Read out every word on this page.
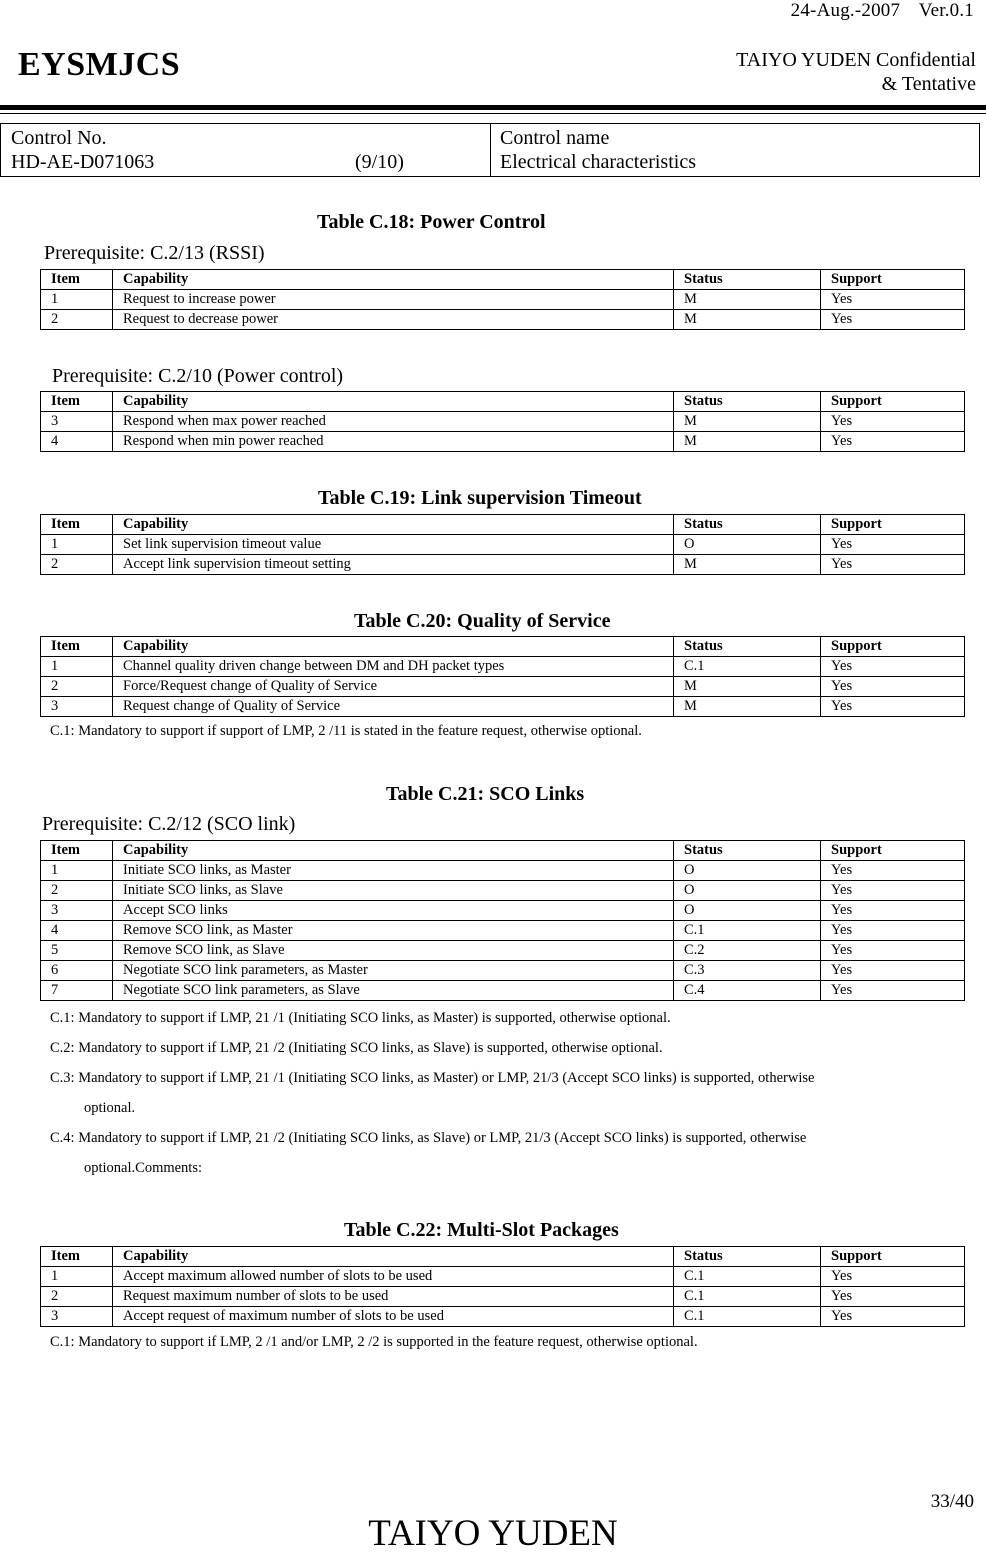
24-Aug.-2007 Ver.0.1
EYSMJCS	TAIYO YUDEN Confidential
& Tentative
Control No.
HD-AE-D071063	(9/10)
Control name
Electrical characteristics
Table C.18: Power Control
Prerequisite: C.2/13 (RSSI)
Item	Capability	Status	Support
1	Request to increase power	M	Yes
2	Request to decrease power	M	Yes
Prerequisite: C.2/10 (Power control)
Item	Capability	Status	Support
3	Respond when max power reached	M	Yes
4	Respond when min power reached	M	Yes
Table C.19: Link supervision Timeout
Item	Capability	Status	Support
1	Set link supervision timeout value	O	Yes
2	Accept link supervision timeout setting	M	Yes
Table C.20: Quality of Service
Item	Capability	Status	Support
1	Channel quality driven change between DM and DH packet types	C.1	Yes
2	Force/Request change of Quality of Service	M	Yes
3	Request change of Quality of Service	M	Yes
C.1: Mandatory to support if support of LMP, 2 /11 is stated in the feature request, otherwise optional.
Table C.21: SCO Links
Prerequisite: C.2/12 (SCO link)
Item	Capability	Status	Support
1	Initiate SCO links, as Master	O	Yes
2	Initiate SCO links, as Slave	O	Yes
3	Accept SCO links	O	Yes
4	Remove SCO link, as Master	C.1	Yes
5	Remove SCO link, as Slave	C.2	Yes
6	Negotiate SCO link parameters, as Master	C.3	Yes
7	Negotiate SCO link parameters, as Slave	C.4	Yes
C.1: Mandatory to support if LMP, 21 /1 (Initiating SCO links, as Master) is supported, otherwise optional.
C.2: Mandatory to support if LMP, 21 /2 (Initiating SCO links, as Slave) is supported, otherwise optional.
C.3: Mandatory to support if LMP, 21 /1 (Initiating SCO links, as Master) or LMP, 21/3 (Accept SCO links) is supported, otherwise
optional.
C.4: Mandatory to support if LMP, 21 /2 (Initiating SCO links, as Slave) or LMP, 21/3 (Accept SCO links) is supported, otherwise
optional.Comments:
Table C.22: Multi-Slot Packages
Item	Capability	Status	Support
1	Accept maximum allowed number of slots to be used	C.1	Yes
2	Request maximum number of slots to be used	C.1	Yes
3	Accept request of maximum number of slots to be used	C.1	Yes
C.1: Mandatory to support if LMP, 2 /1 and/or LMP, 2 /2 is supported in the feature request, otherwise optional.
33/40
TAIYO YUDEN
